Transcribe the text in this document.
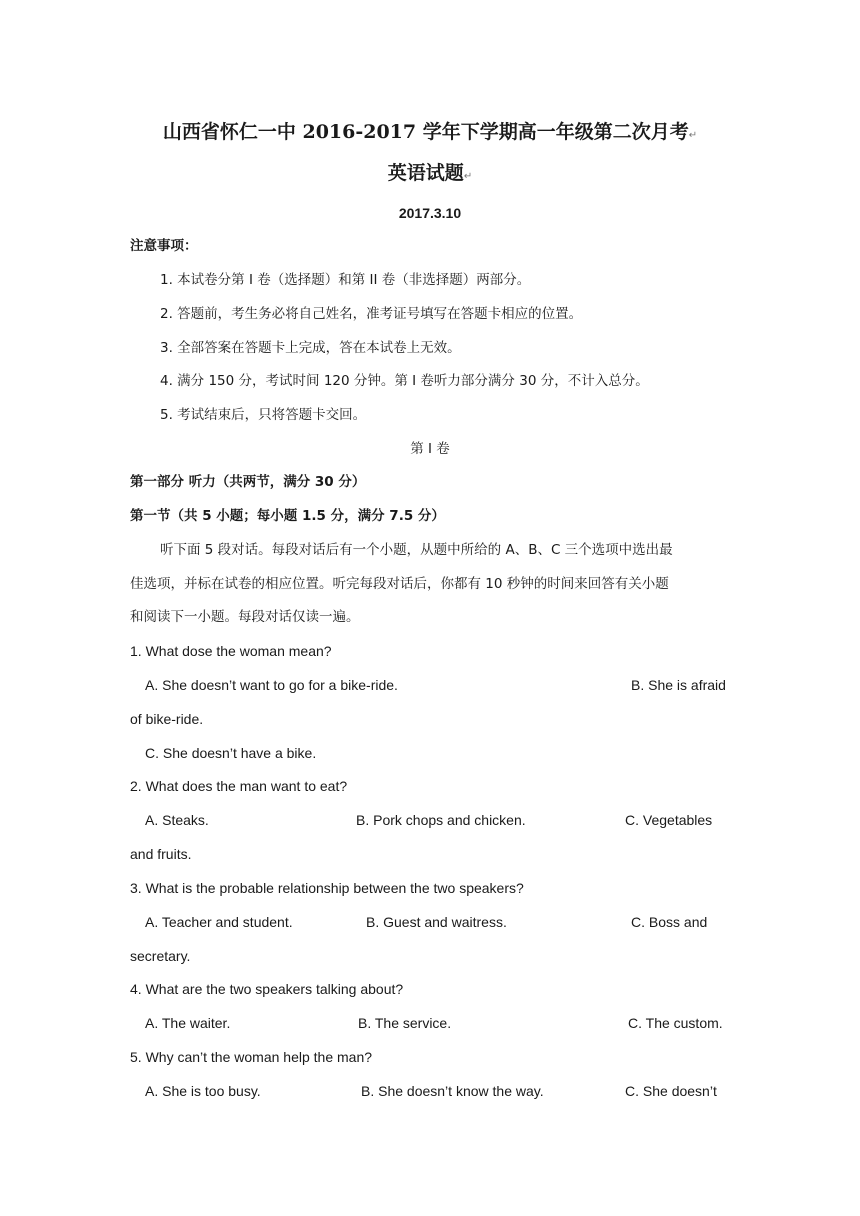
山西省怀仁一中 2016-2017 学年下学期高一年级第二次月考↵
英语试题↵
2017.3.10
注意事项：
1. 本试卷分第 I 卷（选择题）和第 II 卷（非选择题）两部分。
2. 答题前，考生务必将自己姓名，准考证号填写在答题卡相应的位置。
3. 全部答案在答题卡上完成，答在本试卷上无效。
4. 满分 150 分，考试时间 120 分钟。第 I 卷听力部分满分 30 分，不计入总分。
5. 考试结束后，只将答题卡交回。
第 I 卷
第一部分 听力（共两节，满分 30 分）
第一节（共 5 小题；每小题 1.5 分，满分 7.5 分）
听下面 5 段对话。每段对话后有一个小题，从题中所给的 A、B、C 三个选项中选出最
佳选项，并标在试卷的相应位置。听完每段对话后，你都有 10 秒钟的时间来回答有关小题
和阅读下一小题。每段对话仅读一遍。
1. What dose the woman mean?
A. She doesn’t want to go for a bike-ride.	B. She is afraid
of bike-ride.
C. She doesn’t have a bike.
2. What does the man want to eat?
A. Steaks.	B. Pork chops and chicken.	C. Vegetables
and fruits.
3. What is the probable relationship between the two speakers?
A. Teacher and student.	B. Guest and waitress.	C. Boss and
secretary.
4. What are the two speakers talking about?
A. The waiter.	B. The service.	C. The custom.
5. Why can’t the woman help the man?
A. She is too busy.	B. She doesn’t know the way.	C. She doesn’t
